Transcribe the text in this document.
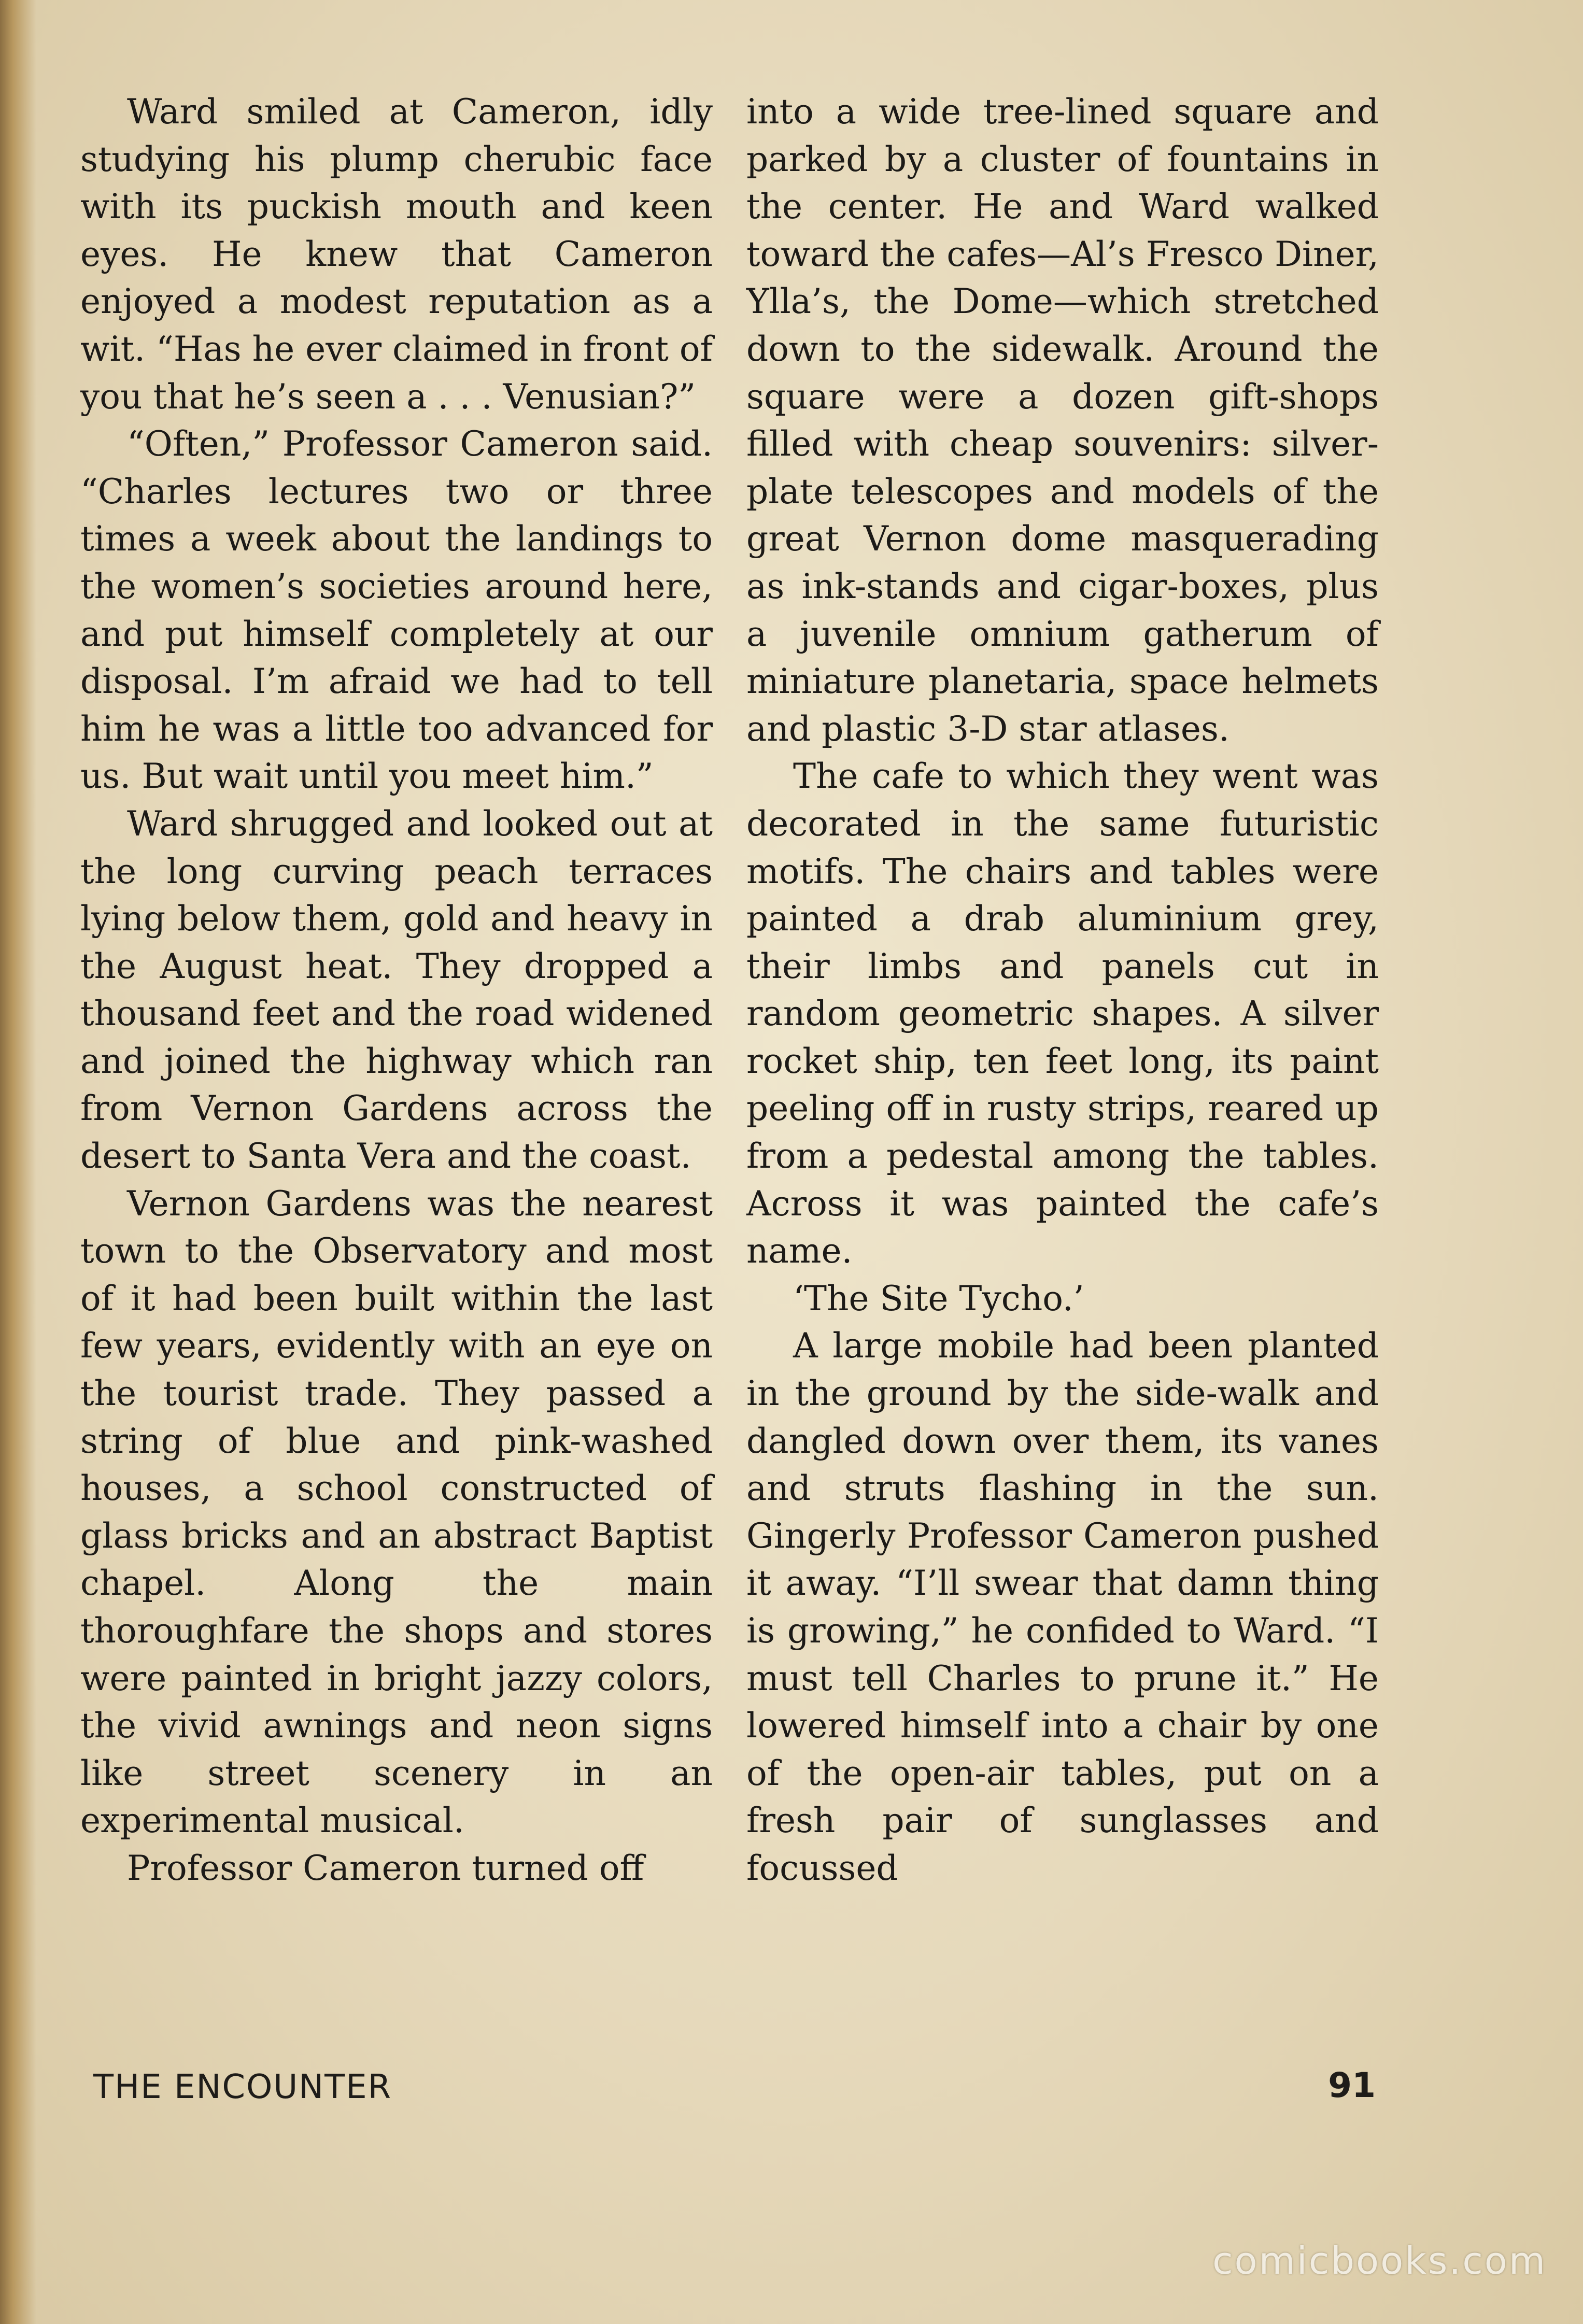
Ward smiled at Cameron, idly studying his plump cherubic face with its puckish mouth and keen eyes. He knew that Cameron enjoyed a modest reputation as a wit. “Has he ever claimed in front of you that he’s seen a . . . Venusian?”

“Often,” Professor Cameron said. “Charles lectures two or three times a week about the landings to the women’s societies around here, and put himself completely at our disposal. I’m afraid we had to tell him he was a little too advanced for us. But wait until you meet him.”

Ward shrugged and looked out at the long curving peach terraces lying below them, gold and heavy in the August heat. They dropped a thousand feet and the road widened and joined the highway which ran from Vernon Gardens across the desert to Santa Vera and the coast.

Vernon Gardens was the nearest town to the Observatory and most of it had been built within the last few years, evidently with an eye on the tourist trade. They passed a string of blue and pink-washed houses, a school constructed of glass bricks and an abstract Baptist chapel. Along the main thoroughfare the shops and stores were painted in bright jazzy colors, the vivid awnings and neon signs like street scenery in an experimental musical.

Professor Cameron turned off

into a wide tree-lined square and parked by a cluster of fountains in the center. He and Ward walked toward the cafes—Al’s Fresco Diner, Ylla’s, the Dome—which stretched down to the sidewalk. Around the square were a dozen gift-shops filled with cheap souvenirs: silver-plate telescopes and models of the great Vernon dome masquerading as ink-stands and cigar-boxes, plus a juvenile omnium gatherum of miniature planetaria, space helmets and plastic 3-D star atlases.

The cafe to which they went was decorated in the same futuristic motifs. The chairs and tables were painted a drab aluminium grey, their limbs and panels cut in random geometric shapes. A silver rocket ship, ten feet long, its paint peeling off in rusty strips, reared up from a pedestal among the tables. Across it was painted the cafe’s name.

‘The Site Tycho.’

A large mobile had been planted in the ground by the side-walk and dangled down over them, its vanes and struts flashing in the sun. Gingerly Professor Cameron pushed it away. “I’ll swear that damn thing is growing,” he confided to Ward. “I must tell Charles to prune it.” He lowered himself into a chair by one of the open-air tables, put on a fresh pair of sunglasses and focussed

THE ENCOUNTER	91
comicbooks.com
